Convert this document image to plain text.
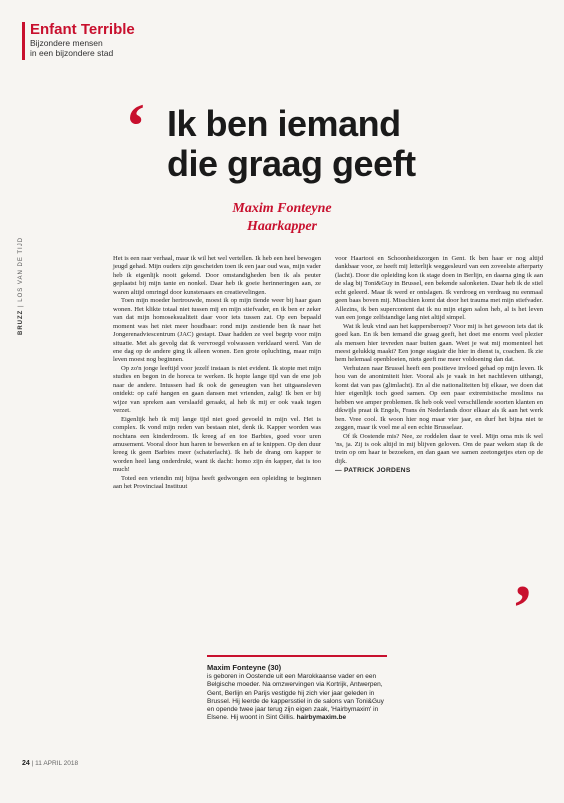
Enfant Terrible
Bijzondere mensen
in een bijzondere stad
BRUZZ | LOS VAN DE TIJD
‘ Ik ben iemand
die graag geeft
Maxim Fonteyne
Haarkapper

Het is een raar verhaal, maar ik wil het wel vertellen. Ik heb een heel bewogen jeugd gehad. Mijn ouders zijn gescheiden toen ik een jaar oud was, mijn vader heb ik eigenlijk nooit gekend. Door omstandigheden ben ik als peuter geplaatst bij mijn tante en nonkel. Daar heb ik goeie herinneringen aan, ze waren altijd omringd door kunstenaars en creatievelingen.

Toen mijn moeder hertrouwde, moest ik op mijn tiende weer bij haar gaan wonen. Het klikte totaal niet tussen mij en mijn stiefvader, en ik ben er zeker van dat mijn homoseksualiteit daar voor iets tussen zat. Op een bepaald moment was het niet meer houdbaar: rond mijn zestiende ben ik naar het Jongerenadviescentrum (JAC) gestapt. Daar hadden ze veel begrip voor mijn situatie. Met als gevolg dat ik vervroegd volwassen verklaard werd. Van de ene dag op de andere ging ik alleen wonen. Een grote opluchting, maar mijn leven moest nog beginnen.

Op zo'n jonge leeftijd voor jezelf instaan is niet evident. Ik stopte met mijn studies en begon in de horeca te werken. Ik hopte lange tijd van de ene job naar de andere. Intussen had ik ook de geneugten van het uitgaansleven ontdekt: op café hangen en gaan dansen met vrienden, zalig! Ik ben er bij wijze van spreken aan verslaafd geraakt, al heb ik mij er ook vaak tegen verzet.

Eigenlijk heb ik mij lange tijd niet goed gevoeld in mijn vel. Het is complex. Ik vond mijn reden van bestaan niet, denk ik. Kapper worden was nochtans een kinderdroom. Ik kreeg af en toe Barbies, goed voor uren amusement. Vooral door hun haren te bewerken en af te knippen. Op den duur kreeg ik geen Barbies meer (schaterlacht). Ik heb de drang om kapper te worden heel lang onderdrukt, want ik dacht: homo zijn én kapper, dat is too much!

Toted een vriendin mij bijna heeft gedwongen een opleiding te beginnen aan het Provinciaal Instituut

voor Haartooi en Schoonheidszorgen in Gent. Ik ben haar er nog altijd dankbaar voor, ze heeft mij letterlijk weggesleurd van een zoveelste afterparty (lacht). Door die opleiding kon ik stage doen in Berlijn, en daarna ging ik aan de slag bij Toni&Guy in Brussel, een bekende salonketen. Daar heb ik de stiel echt geleerd. Maar ik werd er ontslagen. Ik verdroeg en verdraag nu eenmaal geen baas boven mij. Misschien komt dat door het trauma met mijn stiefvader. Allezins, ik ben supercontent dat ik nu mijn eigen salon heb, al is het leven van een jonge zelfstandige lang niet altijd simpel.

Wat ik leuk vind aan het kappersberoep? Voor mij is het gewoon iets dat ik goed kan. En ik ben iemand die graag geeft, het doet me enorm veel plezier als mensen hier tevreden naar buiten gaan. Weet je wat mij momenteel het meest gelukkig maakt? Een jonge stagiair die hier in dienst is, coachen. Ik zie hem helemaal openbloeien, niets geeft me meer voldoening dan dat.

Verhuizen naar Brussel heeft een positieve invloed gehad op mijn leven. Ik hou van de anonimiteit hier. Vooral als je vaak in het nachtleven uithangt, komt dat van pas (glimlacht). En al die nationaliteiten bij elkaar, we doen dat hier eigenlijk toch goed samen. Op een paar extremistische moslims na hebben we amper problemen. Ik heb ook veel verschillende soorten klanten en dikwijls praat ik Engels, Frans én Nederlands door elkaar als ik aan het werk ben. Vree cool. Ik woon hier nog maar vier jaar, en durf het bijna niet te zeggen, maar ik voel me al een echte Brusselaar.

Of ik Oostende mis? Nee, ze roddelen daar te veel. Mijn oma mis ik wel 'ns, ja. Zij is ook altijd in mij blijven geloven. Om de paar weken stap ik de trein op om haar te bezoeken, en dan gaan we samen zeetongetjes eten op de dijk.

— PATRICK JORDENS
’
Maxim Fonteyne (30)
is geboren in Oostende uit een Marokkaanse vader en een Belgische moeder. Na omzwervingen via Kortrijk, Antwerpen, Gent, Berlijn en Parijs vestigde hij zich vier jaar geleden in Brussel. Hij leerde de kappersstiel in de salons van Toni&Guy en opende twee jaar terug zijn eigen zaak, 'Hairbymaxim' in Elsene. Hij woont in Sint Gillis. hairbymaxim.be
24 | 11 APRIL 2018
